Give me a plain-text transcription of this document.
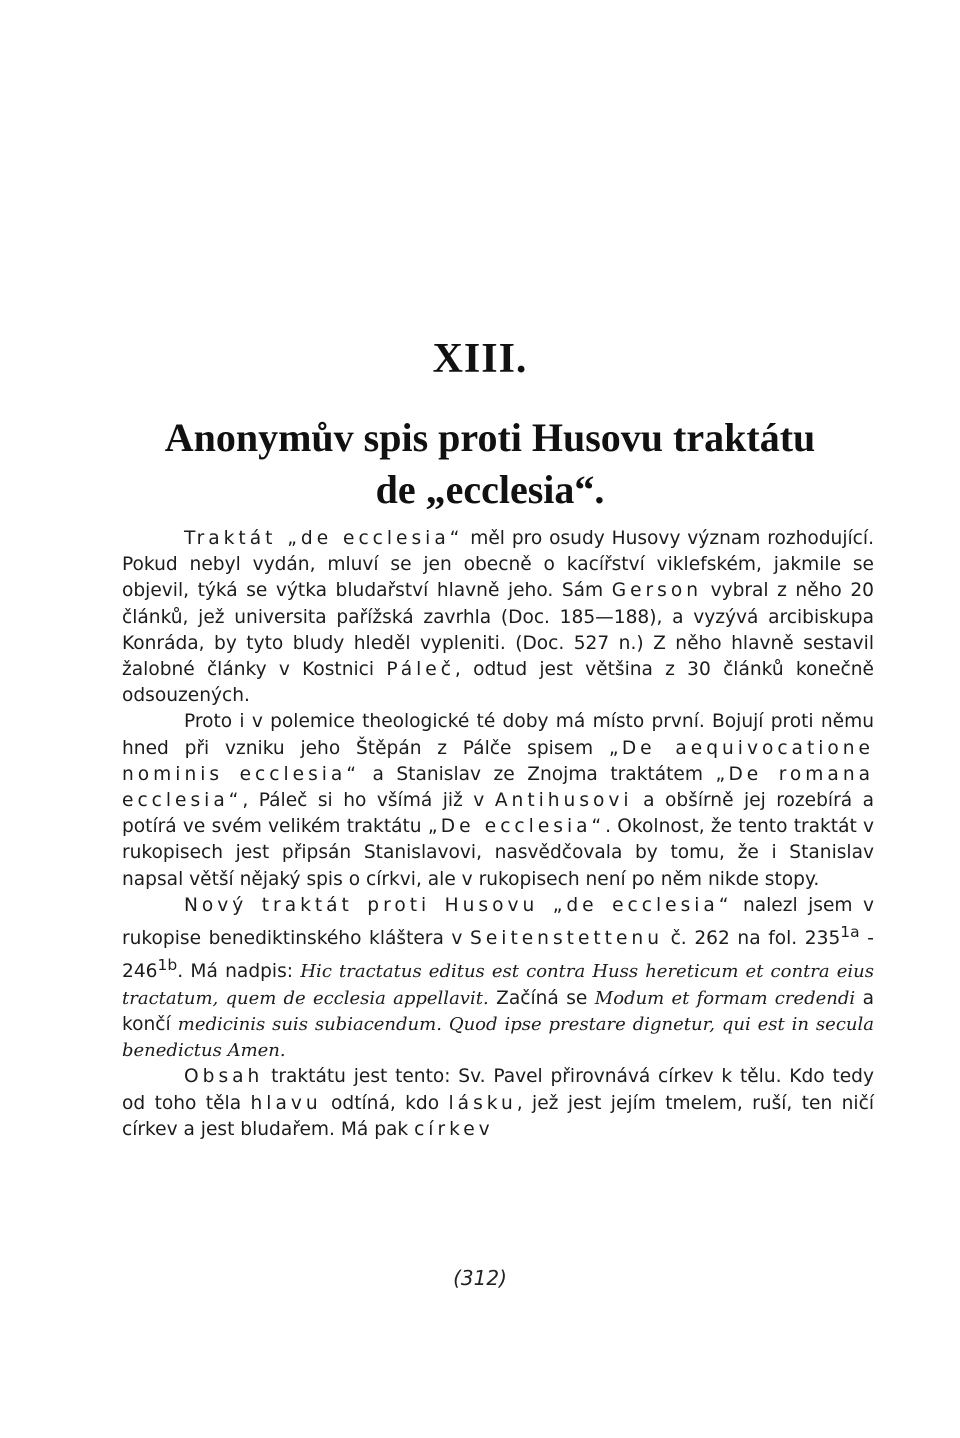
XIII.
Anonymův spis proti Husovu traktátu
de „ecclesia“.

Traktát „de ecclesia“ měl pro osudy Husovy význam rozhodující. Pokud nebyl vydán, mluví se jen obecně o kacířství viklefském, jakmile se objevil, týká se výtka bludařství hlavně jeho. Sám Gerson vybral z něho 20 článků, jež universita pařížská zavrhla (Doc. 185—188), a vyzývá arcibiskupa Konráda, by tyto bludy hleděl vypleniti. (Doc. 527 n.) Z něho hlavně sestavil žalobné články v Kostnici Páleč, odtud jest většina z 30 článků konečně odsouzených.

Proto i v polemice theologické té doby má místo první. Bojují proti němu hned při vzniku jeho Štěpán z Pálče spisem „De aequivocatione nominis ecclesia“ a Stanislav ze Znojma traktátem „De romana ecclesia“, Páleč si ho všímá již v Antihusovi a obšírně jej rozebírá a potírá ve svém velikém traktátu „De ecclesia“. Okolnost, že tento traktát v rukopisech jest připsán Stanislavovi, nasvědčovala by tomu, že i Stanislav napsal větší nějaký spis o církvi, ale v rukopisech není po něm nikde stopy.

Nový traktát proti Husovu „de ecclesia“ nalezl jsem v rukopise benediktinského kláštera v Seitenstettenu č. 262 na fol. $235^{1a} - 246^{1b}$. Má nadpis: Hic tractatus editus est contra Huss hereticum et contra eius tractatum, quem de ecclesia appellavit. Začíná se Modum et formam credendi a končí medicinis suis subiacendum. Quod ipse prestare dignetur, qui est in secula benedictus Amen.

Obsah traktátu jest tento: Sv. Pavel přirovnává církev k tělu. Kdo tedy od toho těla hlavu odtíná, kdo lásku, jež jest jejím tmelem, ruší, ten ničí církev a jest bludařem. Má pak církev

(312)
